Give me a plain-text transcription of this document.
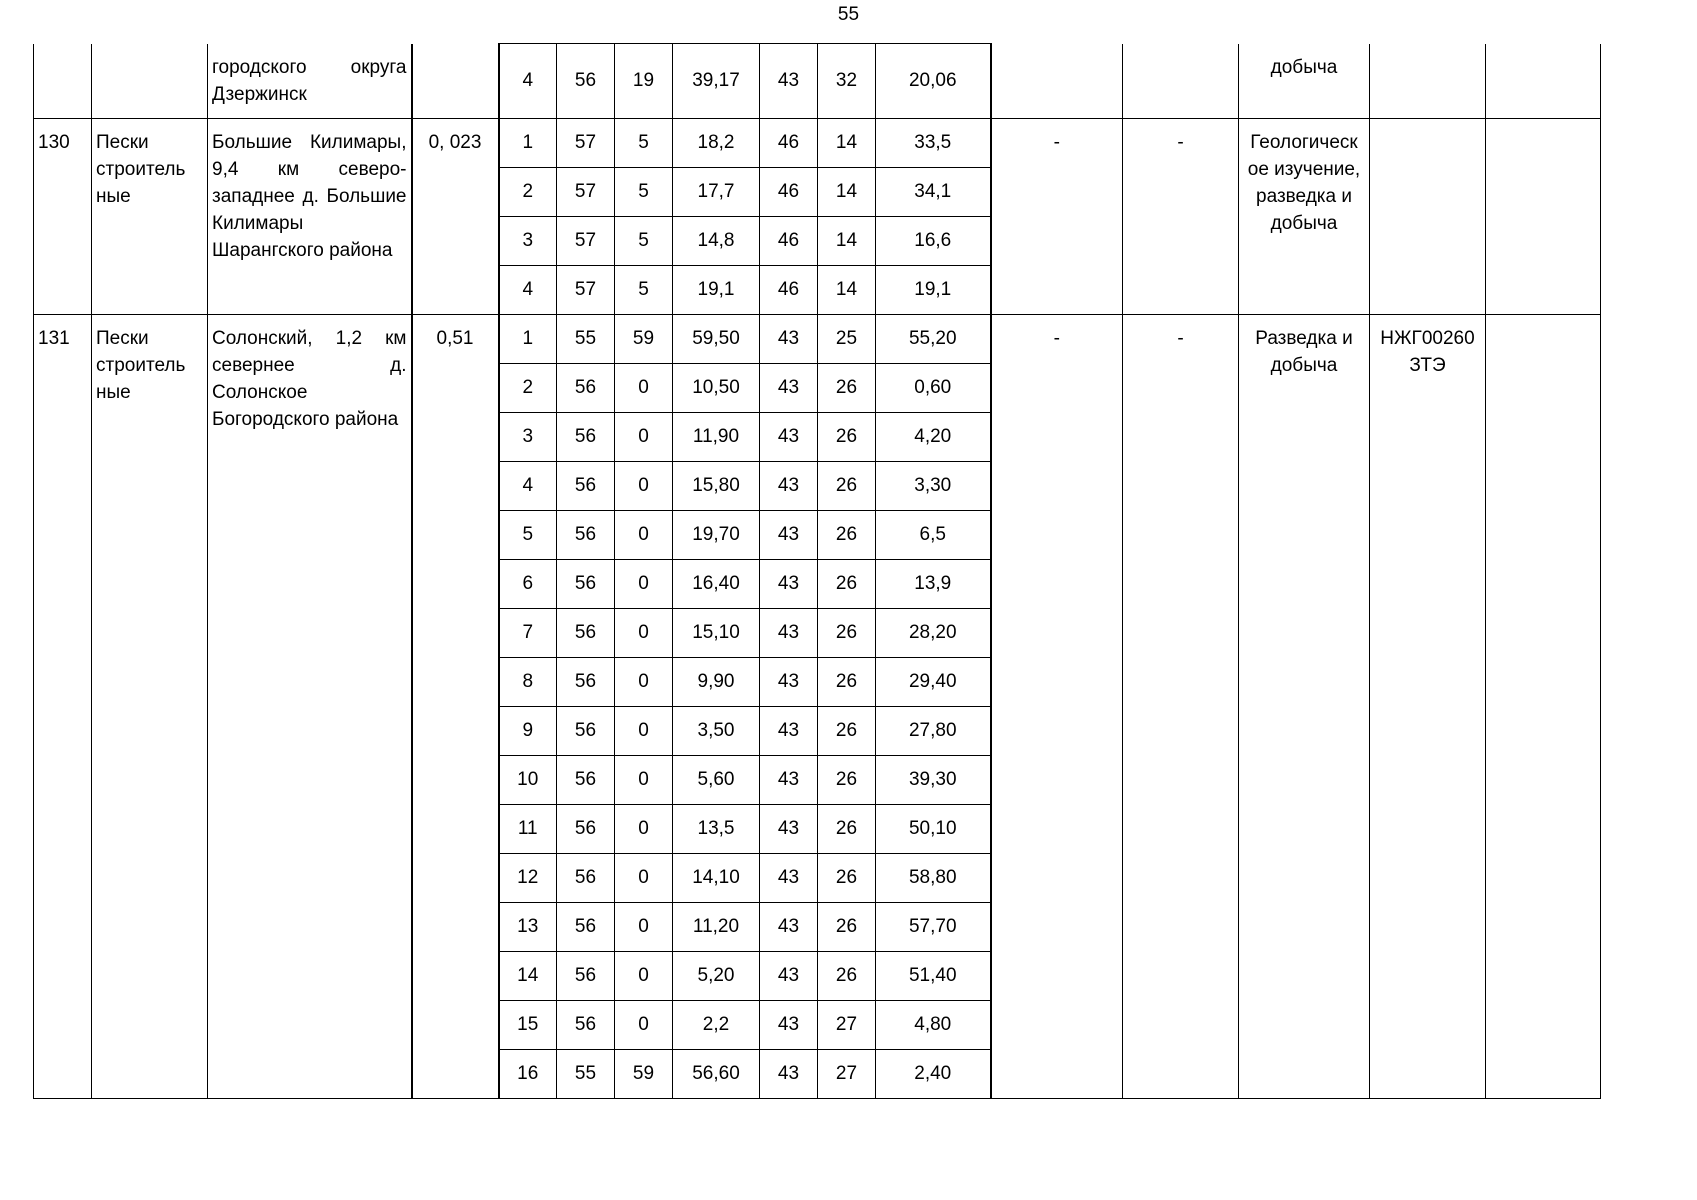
55
		городского округа Дзержинск		4	56	19	39,17	43	32	20,06			добыча		
130	Пески строитель ные	Большие Килимары, 9,4 км северо-западнее д. Большие Килимары Шарангского района	0, 023	1	57	5	18,2	46	14	33,5	-	-	Геологическ ое изучение, разведка и добыча		
				2	57	5	17,7	46	14	34,1					
				3	57	5	14,8	46	14	16,6					
				4	57	5	19,1	46	14	19,1					
131	Пески строитель ные	Солонский, 1,2 км севернее д. Солонское Богородского района	0,51	1	55	59	59,50	43	25	55,20	-	-	Разведка и добыча	НЖГ00260 ЗТЭ	
				2	56	0	10,50	43	26	0,60					
				3	56	0	11,90	43	26	4,20					
				4	56	0	15,80	43	26	3,30					
				5	56	0	19,70	43	26	6,5					
				6	56	0	16,40	43	26	13,9					
				7	56	0	15,10	43	26	28,20					
				8	56	0	9,90	43	26	29,40					
				9	56	0	3,50	43	26	27,80					
				10	56	0	5,60	43	26	39,30					
				11	56	0	13,5	43	26	50,10					
				12	56	0	14,10	43	26	58,80					
				13	56	0	11,20	43	26	57,70					
				14	56	0	5,20	43	26	51,40					
				15	56	0	2,2	43	27	4,80					
				16	55	59	56,60	43	27	2,40					
